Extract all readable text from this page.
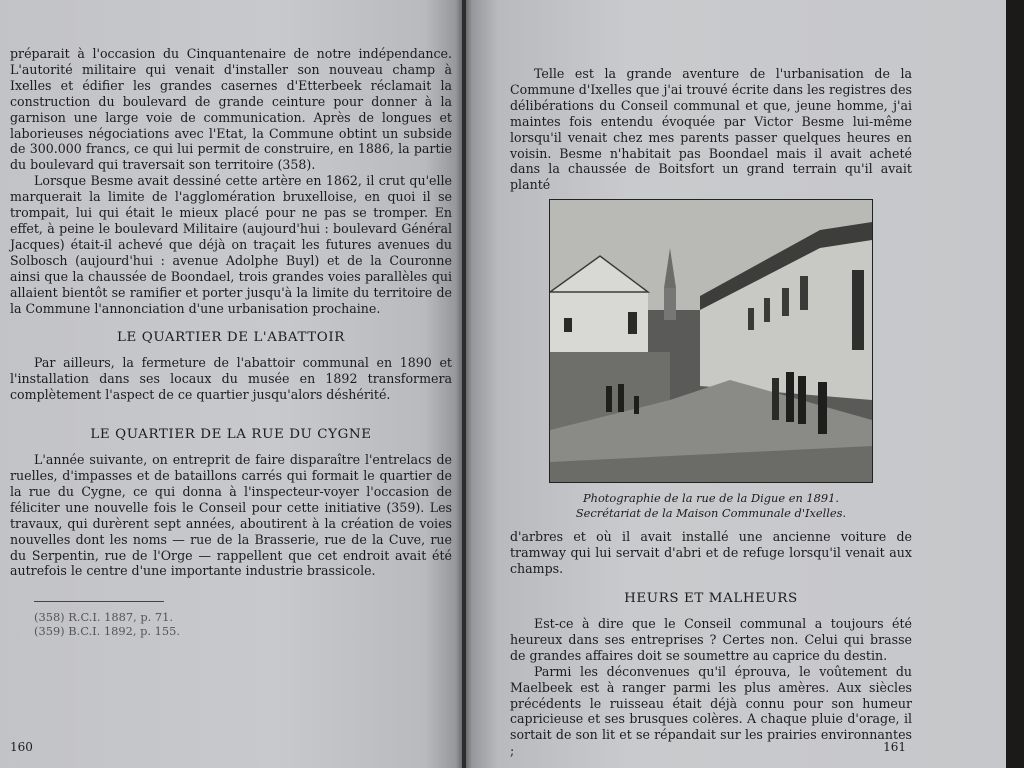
préparait à l'occasion du Cinquantenaire de notre indépendance. L'autorité militaire qui venait d'installer son nouveau champ à Ixelles et édifier les grandes casernes d'Etterbeek réclamait la construction du boulevard de grande ceinture pour donner à la garnison une large voie de communication. Après de longues et laborieuses négociations avec l'Etat, la Commune obtint un subside de 300.000 francs, ce qui lui permit de construire, en 1886, la partie du boulevard qui traversait son territoire (358).

Lorsque Besme avait dessiné cette artère en 1862, il crut qu'elle marquerait la limite de l'agglomération bruxelloise, en quoi il se trompait, lui qui était le mieux placé pour ne pas se tromper. En effet, à peine le boulevard Militaire (aujourd'hui : boulevard Général Jacques) était-il achevé que déjà on traçait les futures avenues du Solbosch (aujourd'hui : avenue Adolphe Buyl) et de la Couronne ainsi que la chaussée de Boondael, trois grandes voies parallèles qui allaient bientôt se ramifier et porter jusqu'à la limite du territoire de la Commune l'annonciation d'une urbanisation prochaine.

LE QUARTIER DE L'ABATTOIR

Par ailleurs, la fermeture de l'abattoir communal en 1890 et l'installation dans ses locaux du musée en 1892 transformera complètement l'aspect de ce quartier jusqu'alors déshérité.

LE QUARTIER DE LA RUE DU CYGNE

L'année suivante, on entreprit de faire disparaître l'entrelacs de ruelles, d'impasses et de bataillons carrés qui formait le quartier de la rue du Cygne, ce qui donna à l'inspecteur-voyer l'occasion de féliciter une nouvelle fois le Conseil pour cette initiative (359). Les travaux, qui durèrent sept années, aboutirent à la création de voies nouvelles dont les noms — rue de la Brasserie, rue de la Cuve, rue du Serpentin, rue de l'Orge — rappellent que cet endroit avait été autrefois le centre d'une importante industrie brassicole.

(358) R.C.I. 1887, p. 71.

(359) B.C.I. 1892, p. 155.

160

Telle est la grande aventure de l'urbanisation de la Commune d'Ixelles que j'ai trouvé écrite dans les registres des délibérations du Conseil communal et que, jeune homme, j'ai maintes fois entendu évoquée par Victor Besme lui-même lorsqu'il venait chez mes parents passer quelques heures en voisin. Besme n'habitait pas Boondael mais il avait acheté dans la chaussée de Boitsfort un grand terrain qu'il avait planté

Photographie de la rue de la Digue en 1891.
Secrétariat de la Maison Communale d'Ixelles.

d'arbres et où il avait installé une ancienne voiture de tramway qui lui servait d'abri et de refuge lorsqu'il venait aux champs.

HEURS ET MALHEURS

Est-ce à dire que le Conseil communal a toujours été heureux dans ses entreprises ? Certes non. Celui qui brasse de grandes affaires doit se soumettre au caprice du destin.

Parmi les déconvenues qu'il éprouva, le voûtement du Maelbeek est à ranger parmi les plus amères. Aux siècles précédents le ruisseau était déjà connu pour son humeur capricieuse et ses brusques colères. A chaque pluie d'orage, il sortait de son lit et se répandait sur les prairies environnantes ;	161
